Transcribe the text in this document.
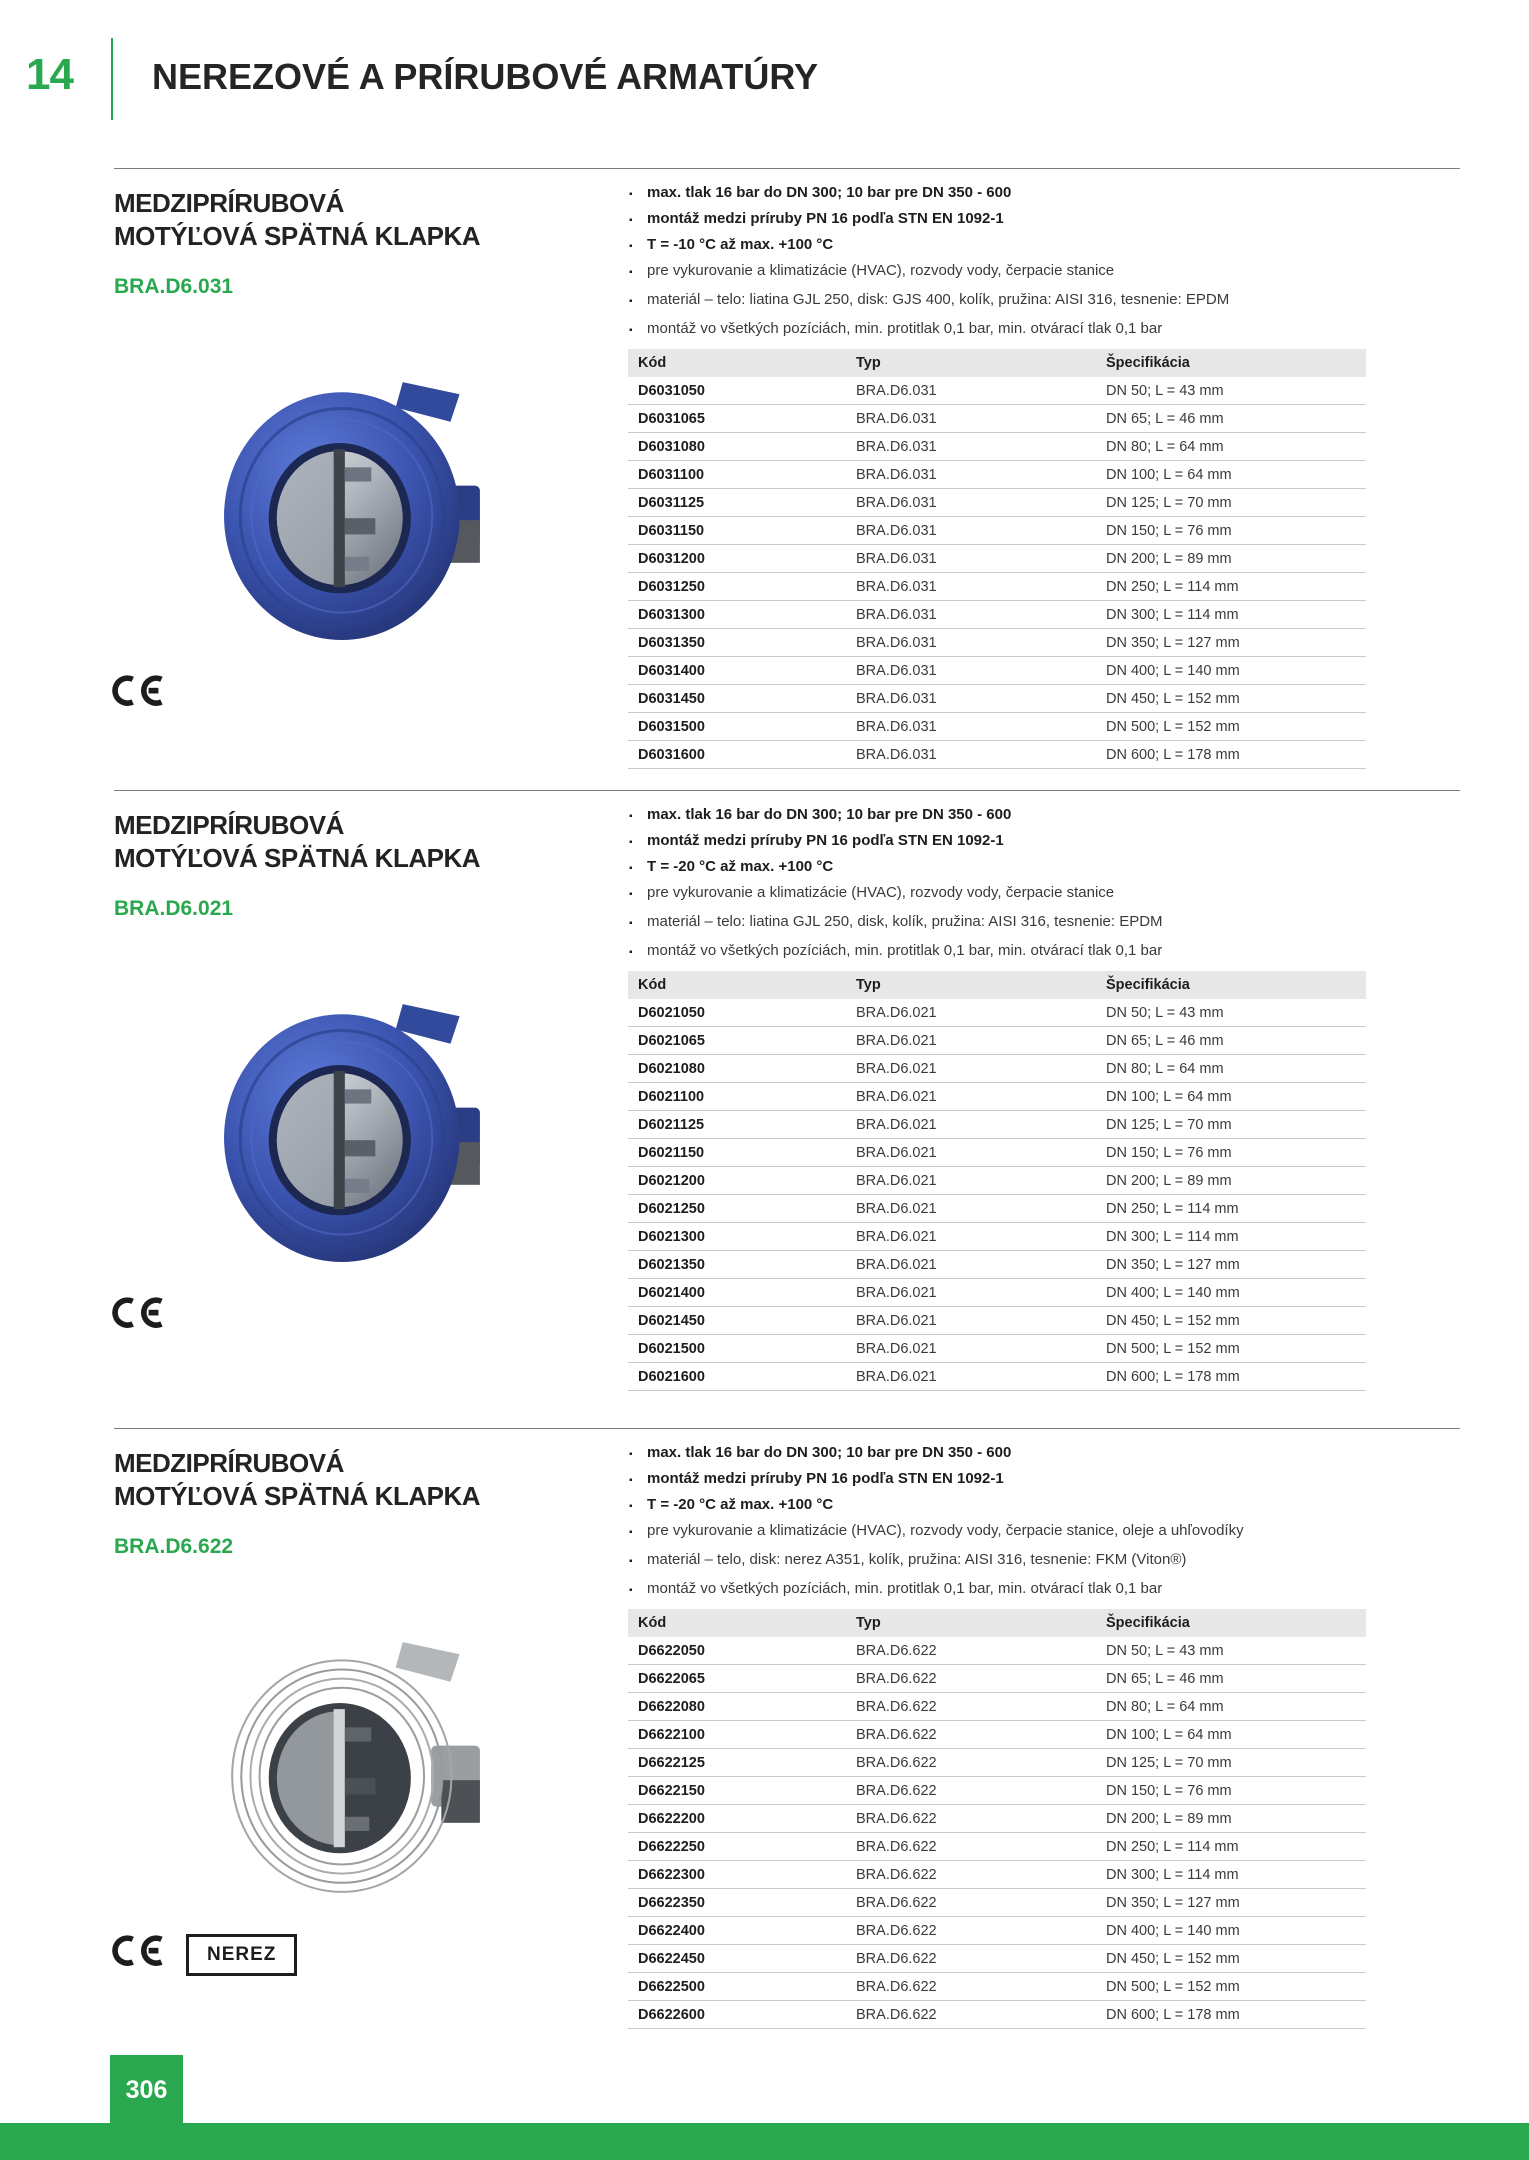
14 NEREZOVÉ A PRÍRUBOVÉ ARMATÚRY
MEDZIPRÍRUBOVÁ
MOTÝĽOVÁ SPÄTNÁ KLAPKA
BRA.D6.031
▪ max. tlak 16 bar do DN 300; 10 bar pre DN 350 - 600
▪ montáž medzi príruby PN 16 podľa STN EN 1092-1
▪ T = -10 °C až max. +100 °C
▪ pre vykurovanie a klimatizácie (HVAC), rozvody vody, čerpacie stanice
▪ materiál – telo: liatina GJL 250, disk: GJS 400, kolík, pružina: AISI 316, tesnenie: EPDM
▪ montáž vo všetkých pozíciách, min. protitlak 0,1 bar, min. otvárací tlak 0,1 bar
Kód	Typ	Špecifikácia
D6031050	BRA.D6.031	DN 50; L = 43 mm
D6031065	BRA.D6.031	DN 65; L = 46 mm
D6031080	BRA.D6.031	DN 80; L = 64 mm
D6031100	BRA.D6.031	DN 100; L = 64 mm
D6031125	BRA.D6.031	DN 125; L = 70 mm
D6031150	BRA.D6.031	DN 150; L = 76 mm
D6031200	BRA.D6.031	DN 200; L = 89 mm
D6031250	BRA.D6.031	DN 250; L = 114 mm
D6031300	BRA.D6.031	DN 300; L = 114 mm
D6031350	BRA.D6.031	DN 350; L = 127 mm
D6031400	BRA.D6.031	DN 400; L = 140 mm
D6031450	BRA.D6.031	DN 450; L = 152 mm
D6031500	BRA.D6.031	DN 500; L = 152 mm
D6031600	BRA.D6.031	DN 600; L = 178 mm
MEDZIPRÍRUBOVÁ
MOTÝĽOVÁ SPÄTNÁ KLAPKA
BRA.D6.021
▪ max. tlak 16 bar do DN 300; 10 bar pre DN 350 - 600
▪ montáž medzi príruby PN 16 podľa STN EN 1092-1
▪ T = -20 °C až max. +100 °C
▪ pre vykurovanie a klimatizácie (HVAC), rozvody vody, čerpacie stanice
▪ materiál – telo: liatina GJL 250, disk, kolík, pružina: AISI 316, tesnenie: EPDM
▪ montáž vo všetkých pozíciách, min. protitlak 0,1 bar, min. otvárací tlak 0,1 bar
Kód	Typ	Špecifikácia
D6021050	BRA.D6.021	DN 50; L = 43 mm
D6021065	BRA.D6.021	DN 65; L = 46 mm
D6021080	BRA.D6.021	DN 80; L = 64 mm
D6021100	BRA.D6.021	DN 100; L = 64 mm
D6021125	BRA.D6.021	DN 125; L = 70 mm
D6021150	BRA.D6.021	DN 150; L = 76 mm
D6021200	BRA.D6.021	DN 200; L = 89 mm
D6021250	BRA.D6.021	DN 250; L = 114 mm
D6021300	BRA.D6.021	DN 300; L = 114 mm
D6021350	BRA.D6.021	DN 350; L = 127 mm
D6021400	BRA.D6.021	DN 400; L = 140 mm
D6021450	BRA.D6.021	DN 450; L = 152 mm
D6021500	BRA.D6.021	DN 500; L = 152 mm
D6021600	BRA.D6.021	DN 600; L = 178 mm
MEDZIPRÍRUBOVÁ
MOTÝĽOVÁ SPÄTNÁ KLAPKA
BRA.D6.622
NEREZ
▪ max. tlak 16 bar do DN 300; 10 bar pre DN 350 - 600
▪ montáž medzi príruby PN 16 podľa STN EN 1092-1
▪ T = -20 °C až max. +100 °C
▪ pre vykurovanie a klimatizácie (HVAC), rozvody vody, čerpacie stanice, oleje a uhľovodíky
▪ materiál – telo, disk: nerez A351, kolík, pružina: AISI 316, tesnenie: FKM (Viton®)
▪ montáž vo všetkých pozíciách, min. protitlak 0,1 bar, min. otvárací tlak 0,1 bar
Kód	Typ	Špecifikácia
D6622050	BRA.D6.622	DN 50; L = 43 mm
D6622065	BRA.D6.622	DN 65; L = 46 mm
D6622080	BRA.D6.622	DN 80; L = 64 mm
D6622100	BRA.D6.622	DN 100; L = 64 mm
D6622125	BRA.D6.622	DN 125; L = 70 mm
D6622150	BRA.D6.622	DN 150; L = 76 mm
D6622200	BRA.D6.622	DN 200; L = 89 mm
D6622250	BRA.D6.622	DN 250; L = 114 mm
D6622300	BRA.D6.622	DN 300; L = 114 mm
D6622350	BRA.D6.622	DN 350; L = 127 mm
D6622400	BRA.D6.622	DN 400; L = 140 mm
D6622450	BRA.D6.622	DN 450; L = 152 mm
D6622500	BRA.D6.622	DN 500; L = 152 mm
D6622600	BRA.D6.622	DN 600; L = 178 mm
306
